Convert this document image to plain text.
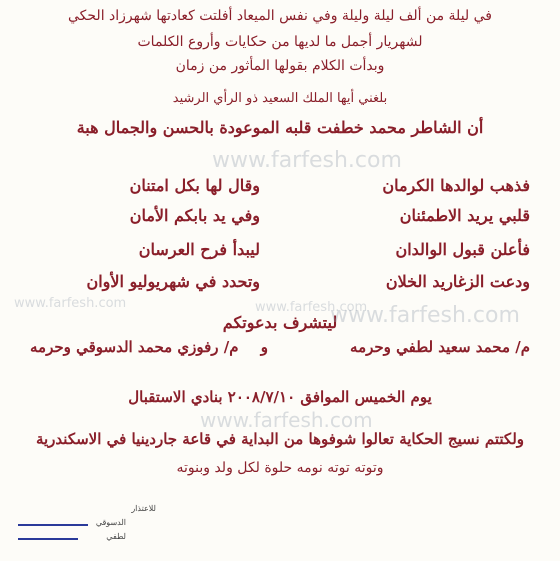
في ليلة من ألف ليلة وليلة وفي نفس الميعاد أفلتت كعادتها شهرزاد الحكي
لشهريار أجمل ما لديها من حكايات وأروع الكلمات
وبدأت الكلام بقولها المأثور من زمان
بلغني أيها الملك السعيد ذو الرأي الرشيد
أن الشاطر محمد خطفت قلبه الموعودة بالحسن والجمال هبة
فذهب لوالدها الكرمان
وقال لها بكل امتنان
قلبي يريد الاطمئنان
وفي يد بابكم الأمان
فأعلن قبول الوالدان
ليبدأ فرح العرسان
ودعت الزغاريد الخلان
وتحدد في شهريوليو الأوان
ليتشرف بدعوتكم
م/ محمد سعيد لطفي وحرمه
و
م/ رفوزي محمد الدسوقي وحرمه
يوم الخميس الموافق ٢٠٠٨/٧/١٠ بنادي الاستقبال
ولكتتم نسيج الحكاية تعالوا شوفوها من البداية في قاعة جاردينيا في الاسكندرية
وتوته توته نومه حلوة لكل ولد وبنوته
للاعتذار
الدسوقي
لطفي
www.farfesh.com
www.farfesh.com
www.farfesh.com
www.farfesh.com
www.farfesh.com
